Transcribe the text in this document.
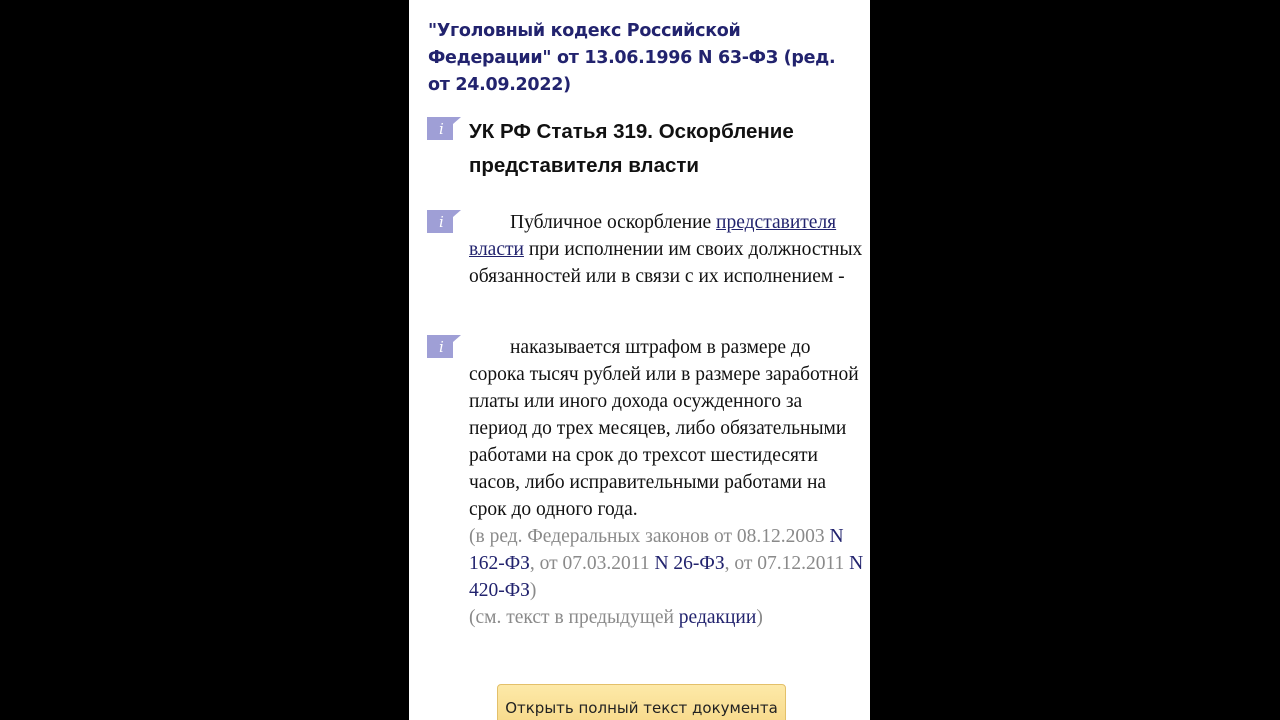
"Уголовный кодекс Российской Федерации" от 13.06.1996 N 63-ФЗ (ред. от 24.09.2022)
i УК РФ Статья 319. Оскорбление представителя власти
i	Публичное оскорбление представителя власти при исполнении им своих должностных обязанностей или в связи с их исполнением -
i	наказывается штрафом в размере до сорока тысяч рублей или в размере заработной платы или иного дохода осужденного за период до трех месяцев, либо обязательными работами на срок до трехсот шестидесяти часов, либо исправительными работами на срок до одного года.
(в ред. Федеральных законов от 08.12.2003 N 162-ФЗ, от 07.03.2011 N 26-ФЗ, от 07.12.2011 N 420-ФЗ)
(см. текст в предыдущей редакции)
Открыть полный текст документа
